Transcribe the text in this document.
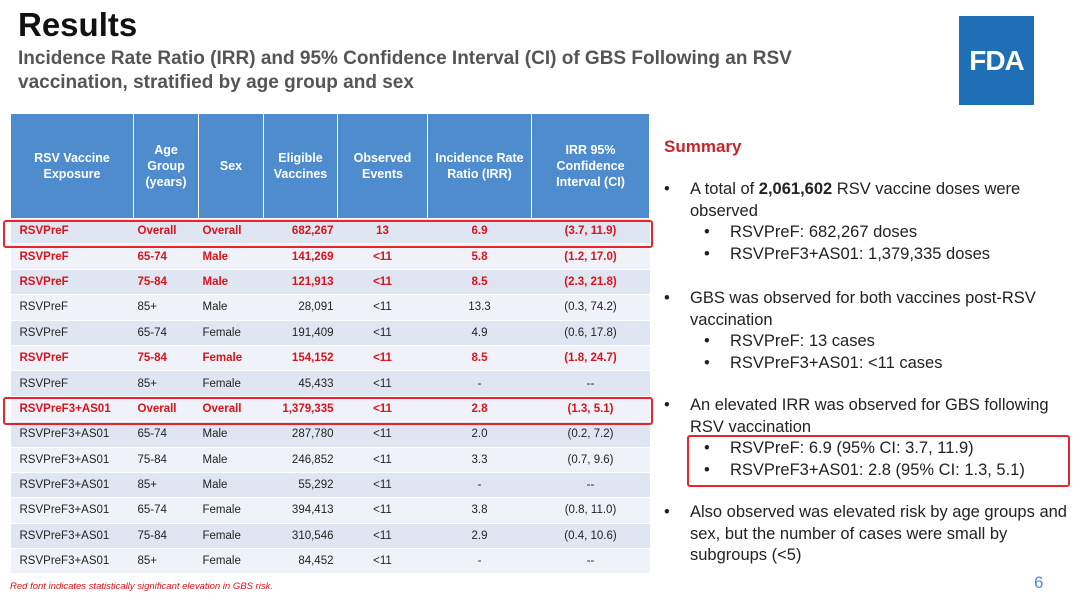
Results
Incidence Rate Ratio (IRR) and 95% Confidence Interval (CI) of GBS Following an RSV vaccination, stratified by age group and sex
FDA
RSV Vaccine Exposure	Age Group (years)	Sex	Eligible Vaccines	Observed Events	Incidence Rate Ratio (IRR)	IRR 95% Confidence Interval (CI)
RSVPreF	Overall	Overall	682,267	13	6.9	(3.7, 11.9)
RSVPreF	65-74	Male	141,269	<11	5.8	(1.2, 17.0)
RSVPreF	75-84	Male	121,913	<11	8.5	(2.3, 21.8)
RSVPreF	85+	Male	28,091	<11	13.3	(0.3, 74.2)
RSVPreF	65-74	Female	191,409	<11	4.9	(0.6, 17.8)
RSVPreF	75-84	Female	154,152	<11	8.5	(1.8, 24.7)
RSVPreF	85+	Female	45,433	<11	-	--
RSVPreF3+AS01	Overall	Overall	1,379,335	<11	2.8	(1.3, 5.1)
RSVPreF3+AS01	65-74	Male	287,780	<11	2.0	(0.2, 7.2)
RSVPreF3+AS01	75-84	Male	246,852	<11	3.3	(0.7, 9.6)
RSVPreF3+AS01	85+	Male	55,292	<11	-	--
RSVPreF3+AS01	65-74	Female	394,413	<11	3.8	(0.8, 11.0)
RSVPreF3+AS01	75-84	Female	310,546	<11	2.9	(0.4, 10.6)
RSVPreF3+AS01	85+	Female	84,452	<11	-	--
Red font indicates statistically significant elevation in GBS risk.	6
Summary
•	A total of 2,061,602 RSV vaccine doses were observed
•	RSVPreF: 682,267 doses
•	RSVPreF3+AS01: 1,379,335 doses
•	GBS was observed for both vaccines post-RSV vaccination
•	RSVPreF: 13 cases
•	RSVPreF3+AS01: <11 cases
•	An elevated IRR was observed for GBS following RSV vaccination
•	RSVPreF: 6.9 (95% CI: 3.7, 11.9)
•	RSVPreF3+AS01: 2.8 (95% CI: 1.3, 5.1)
•	Also observed was elevated risk by age groups and sex, but the number of cases were small by subgroups (<5)
